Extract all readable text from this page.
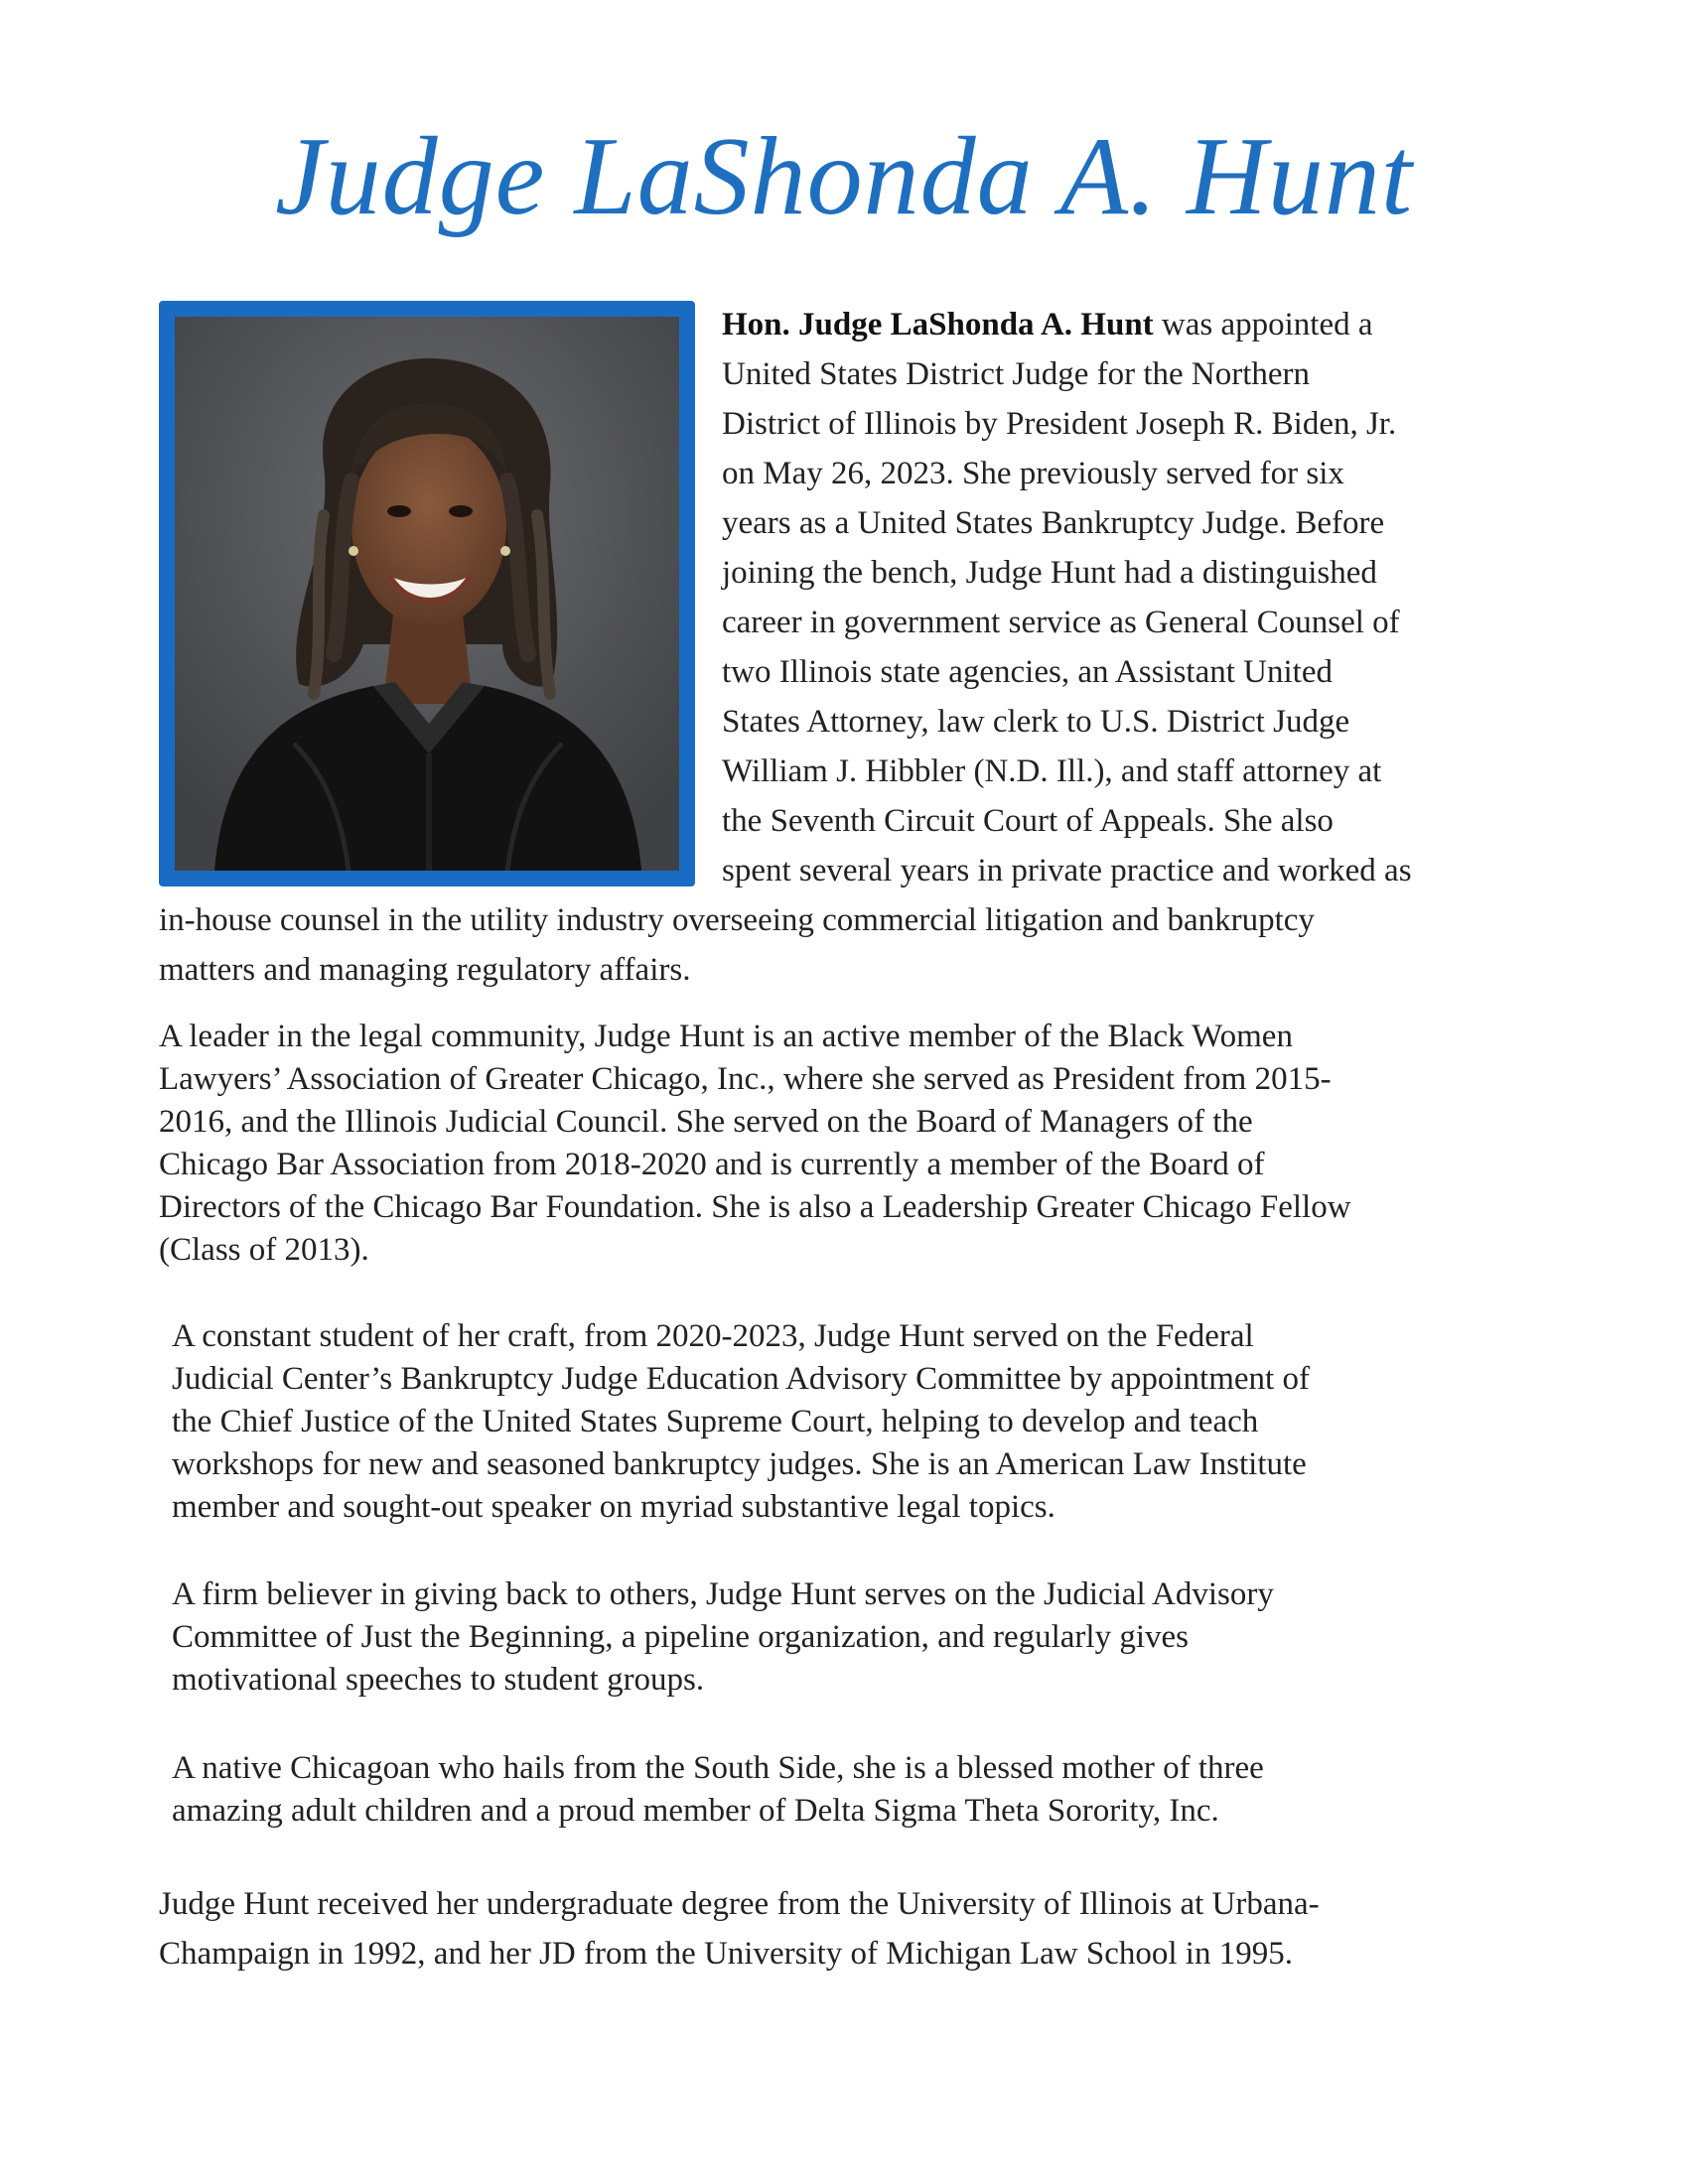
Judge LaShonda A. Hunt
Hon. Judge LaShonda A. Hunt was appointed a
United States District Judge for the Northern
District of Illinois by President Joseph R. Biden, Jr.
on May 26, 2023. She previously served for six
years as a United States Bankruptcy Judge. Before
joining the bench, Judge Hunt had a distinguished
career in government service as General Counsel of
two Illinois state agencies, an Assistant United
States Attorney, law clerk to U.S. District Judge
William J. Hibbler (N.D. Ill.), and staff attorney at
the Seventh Circuit Court of Appeals. She also
spent several years in private practice and worked as
in-house counsel in the utility industry overseeing commercial litigation and bankruptcy
matters and managing regulatory affairs.
A leader in the legal community, Judge Hunt is an active member of the Black Women
Lawyers’ Association of Greater Chicago, Inc., where she served as President from 2015-
2016, and the Illinois Judicial Council. She served on the Board of Managers of the
Chicago Bar Association from 2018-2020 and is currently a member of the Board of
Directors of the Chicago Bar Foundation. She is also a Leadership Greater Chicago Fellow
(Class of 2013).
A constant student of her craft, from 2020-2023, Judge Hunt served on the Federal
Judicial Center’s Bankruptcy Judge Education Advisory Committee by appointment of
the Chief Justice of the United States Supreme Court, helping to develop and teach
workshops for new and seasoned bankruptcy judges. She is an American Law Institute
member and sought-out speaker on myriad substantive legal topics.
A firm believer in giving back to others, Judge Hunt serves on the Judicial Advisory
Committee of Just the Beginning, a pipeline organization, and regularly gives
motivational speeches to student groups.
A native Chicagoan who hails from the South Side, she is a blessed mother of three
amazing adult children and a proud member of Delta Sigma Theta Sorority, Inc.
Judge Hunt received her undergraduate degree from the University of Illinois at Urbana-
Champaign in 1992, and her JD from the University of Michigan Law School in 1995.
